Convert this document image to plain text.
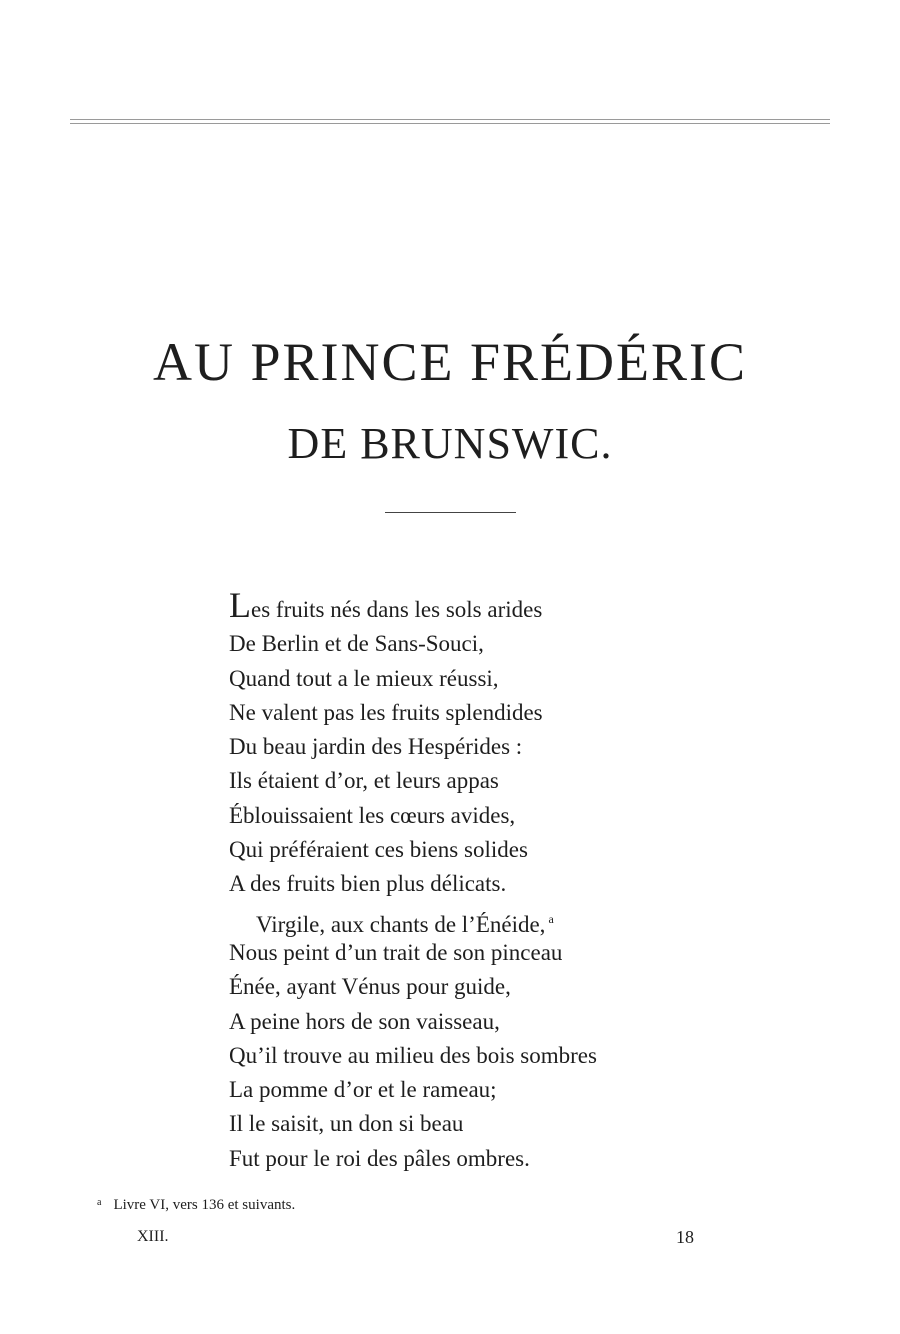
AU PRINCE FRÉDÉRIC
DE BRUNSWIC.
Les fruits nés dans les sols arides
De Berlin et de Sans-Souci,
Quand tout a le mieux réussi,
Ne valent pas les fruits splendides
Du beau jardin des Hespérides :
Ils étaient d’or, et leurs appas
Éblouissaient les cœurs avides,
Qui préféraient ces biens solides
A des fruits bien plus délicats.
Virgile, aux chants de l’Énéide, $^a$
Nous peint d’un trait de son pinceau
Énée, ayant Vénus pour guide,
A peine hors de son vaisseau,
Qu’il trouve au milieu des bois sombres
La pomme d’or et le rameau;
Il le saisit, un don si beau
Fut pour le roi des pâles ombres.
$^a$ Livre VI, vers 136 et suivants.
XIII.	18
